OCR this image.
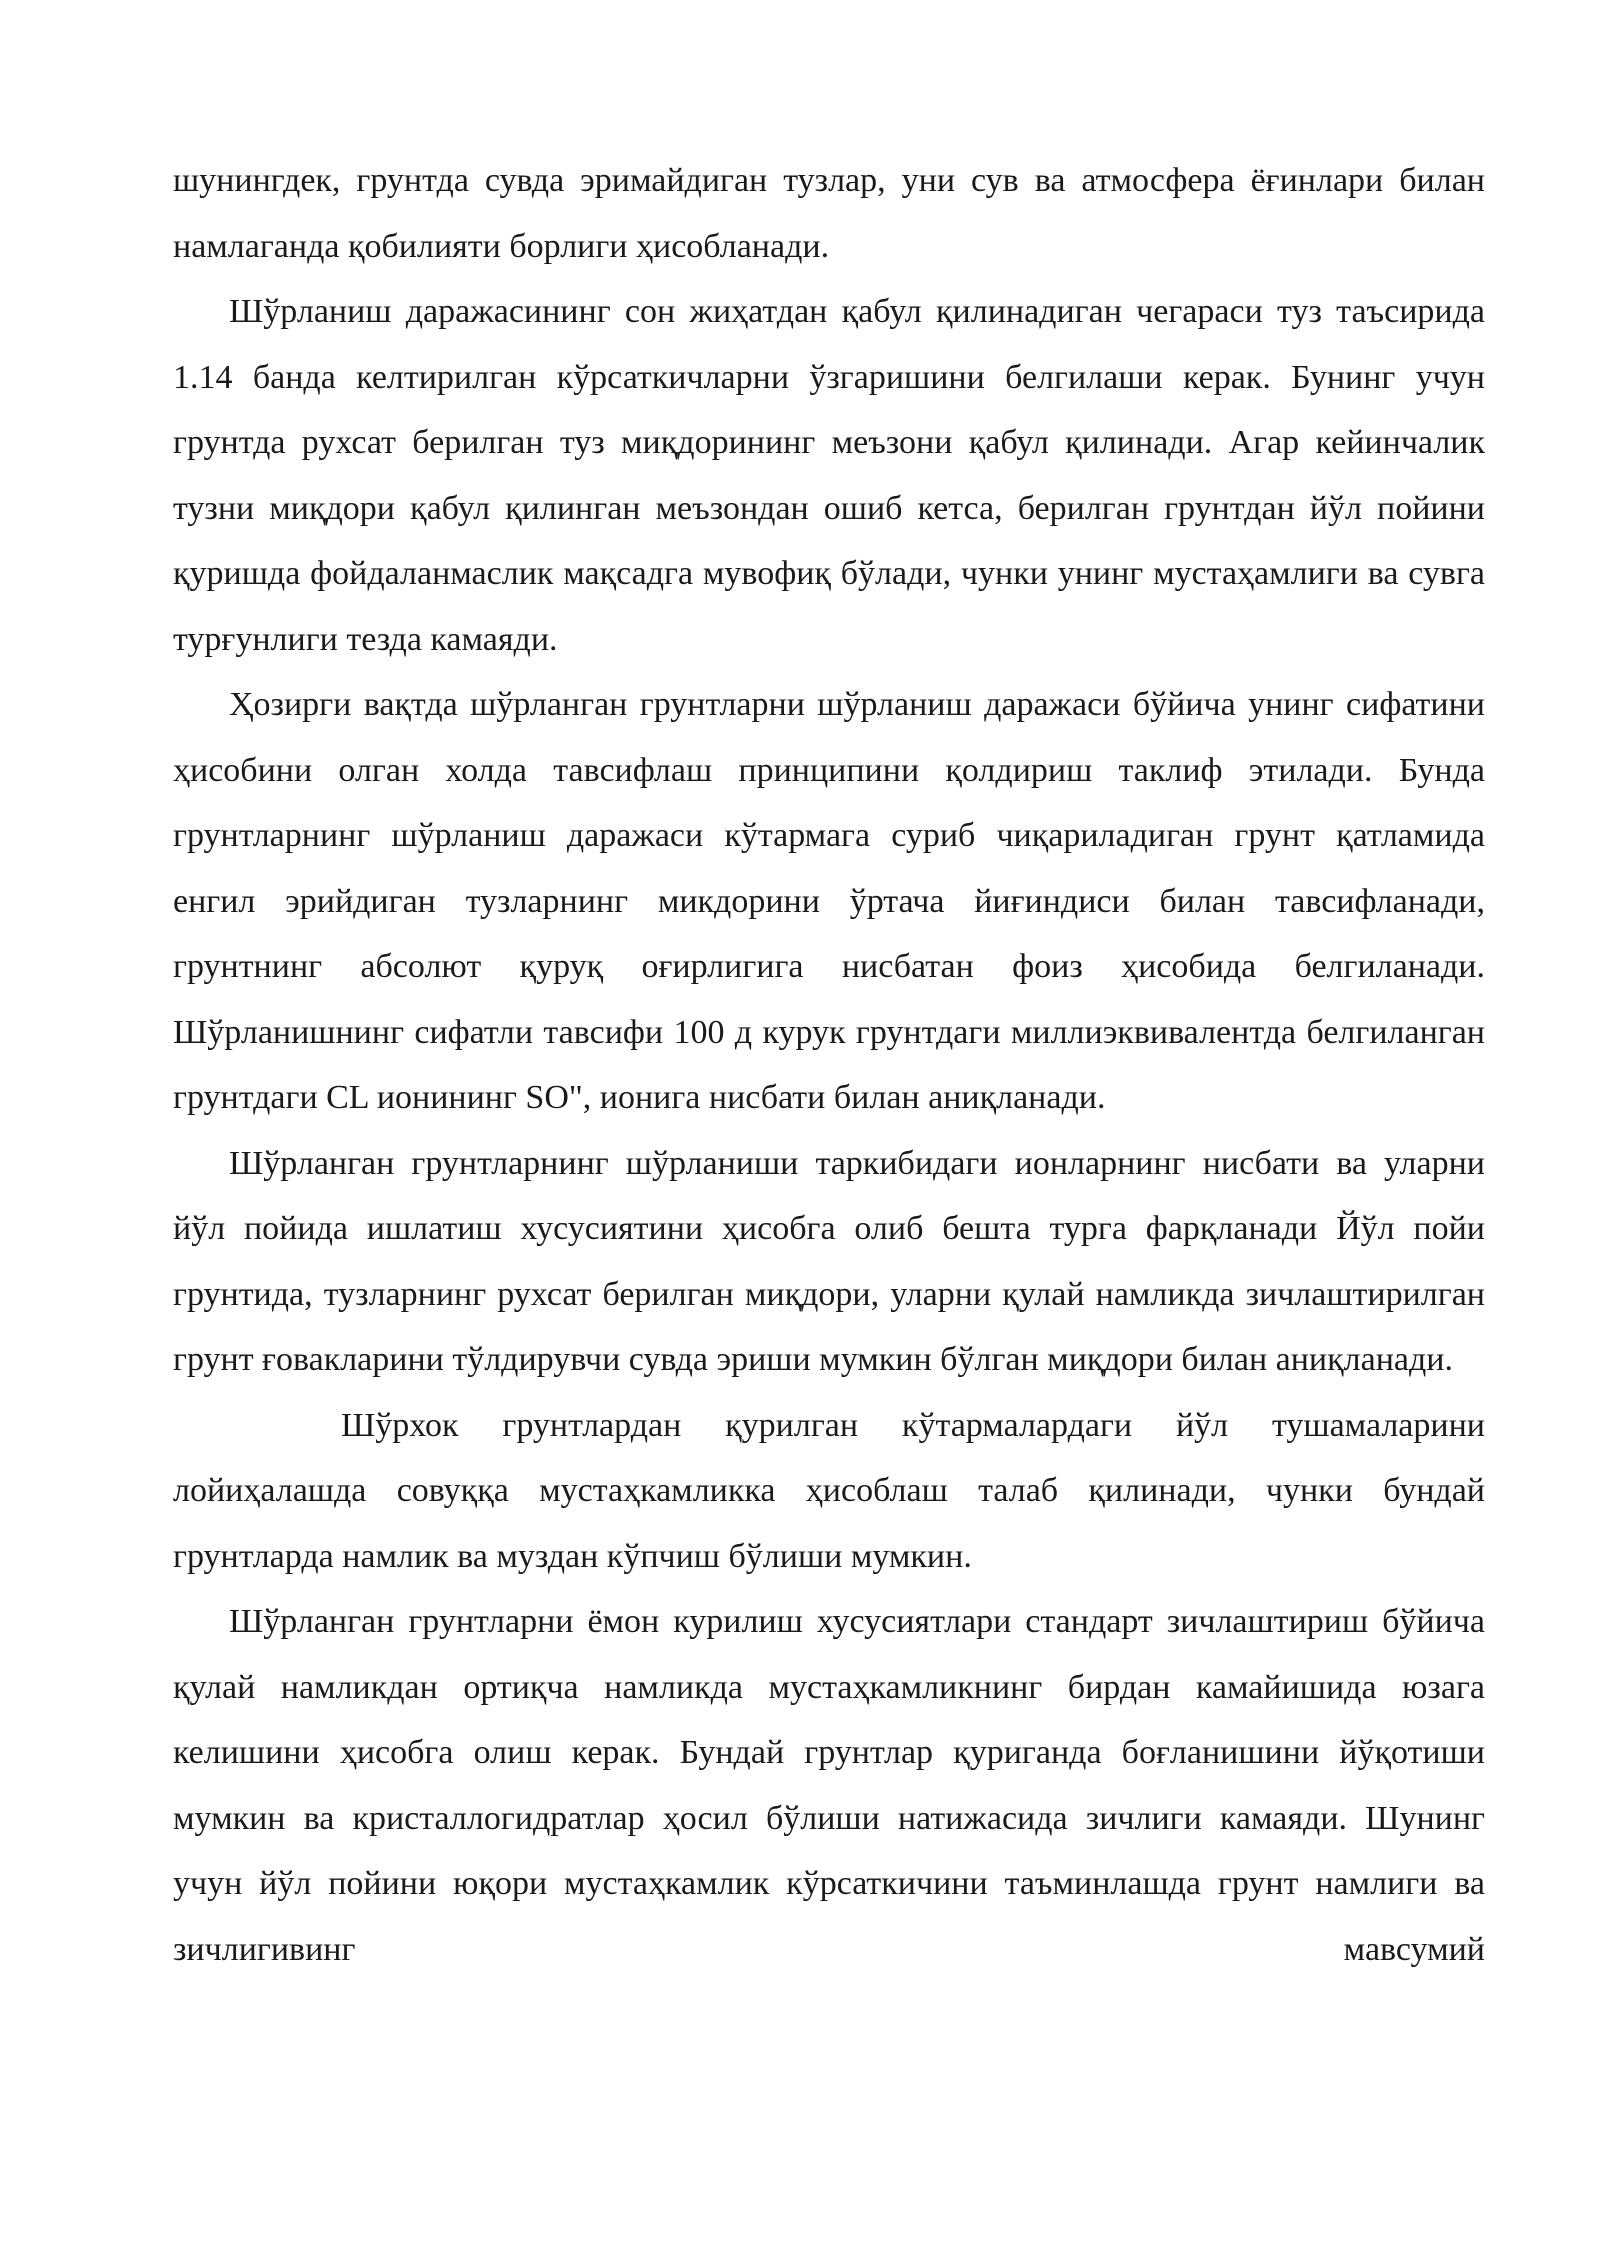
шунингдек, грунтда сувда эримайдиган тузлар, уни сув ва атмосфера ёғинлари билан намлаганда қобилияти борлиги ҳисобланади.

Шўрланиш даражасининг сон жиҳатдан қабул қилинадиган чегараси туз таъсирида 1.14 банда келтирилган кўрсаткичларни ўзгаришини белгилаши керак. Бунинг учун грунтда рухсат берилган туз миқдорининг меъзони қабул қилинади. Агар кейинчалик тузни миқдори қабул қилинган меъзондан ошиб кетса, берилган грунтдан йўл пойини қуришда фойдаланмаслик мақсадга мувофиқ бўлади, чунки унинг мустаҳамлиги ва сувга турғунлиги тезда камаяди.

Ҳозирги вақтда шўрланган грунтларни шўрланиш даражаси бўйича унинг сифатини ҳисобини олган холда тавсифлаш принципини қолдириш таклиф этилади. Бунда грунтларнинг шўрланиш даражаси кўтармага суриб чиқариладиган грунт қатламида енгил эрийдиган тузларнинг микдорини ўртача йиғиндиси билан тавсифланади, грунтнинг абсолют қуруқ оғирлигига нисбатан фоиз ҳисобида белгиланади. Шўрланишнинг сифатли тавсифи 100 д курук грунтдаги миллиэквивалентда белгиланган грунтдаги CL ионининг SO", ионига нисбати билан аниқланади.

Шўрланган грунтларнинг шўрланиши таркибидаги ионларнинг нисбати ва уларни йўл пойида ишлатиш хусусиятини ҳисобга олиб бешта турга фарқланади Йўл пойи грунтида, тузларнинг рухсат берилган миқдори, уларни қулай намликда зичлаштирилган грунт ғовакларини тўлдирувчи сувда эриши мумкин бўлган миқдори билан аниқланади.

Шўрхок грунтлардан қурилган кўтармалардаги йўл тушамаларини лойиҳалашда совуққа мустаҳкамликка ҳисоблаш талаб қилинади, чунки бундай грунтларда намлик ва муздан кўпчиш бўлиши мумкин.

Шўрланган грунтларни ёмон курилиш хусусиятлари стандарт зичлаштириш бўйича қулай намликдан ортиқча намликда мустаҳкамликнинг бирдан камайишида юзага келишини ҳисобга олиш керак. Бундай грунтлар қуриганда боғланишини йўқотиши мумкин ва кристаллогидратлар ҳосил бўлиши натижасида зичлиги камаяди. Шунинг учун йўл пойини юқори мустаҳкамлик кўрсаткичини таъминлашда грунт намлиги ва зичлигивинг мавсумий
